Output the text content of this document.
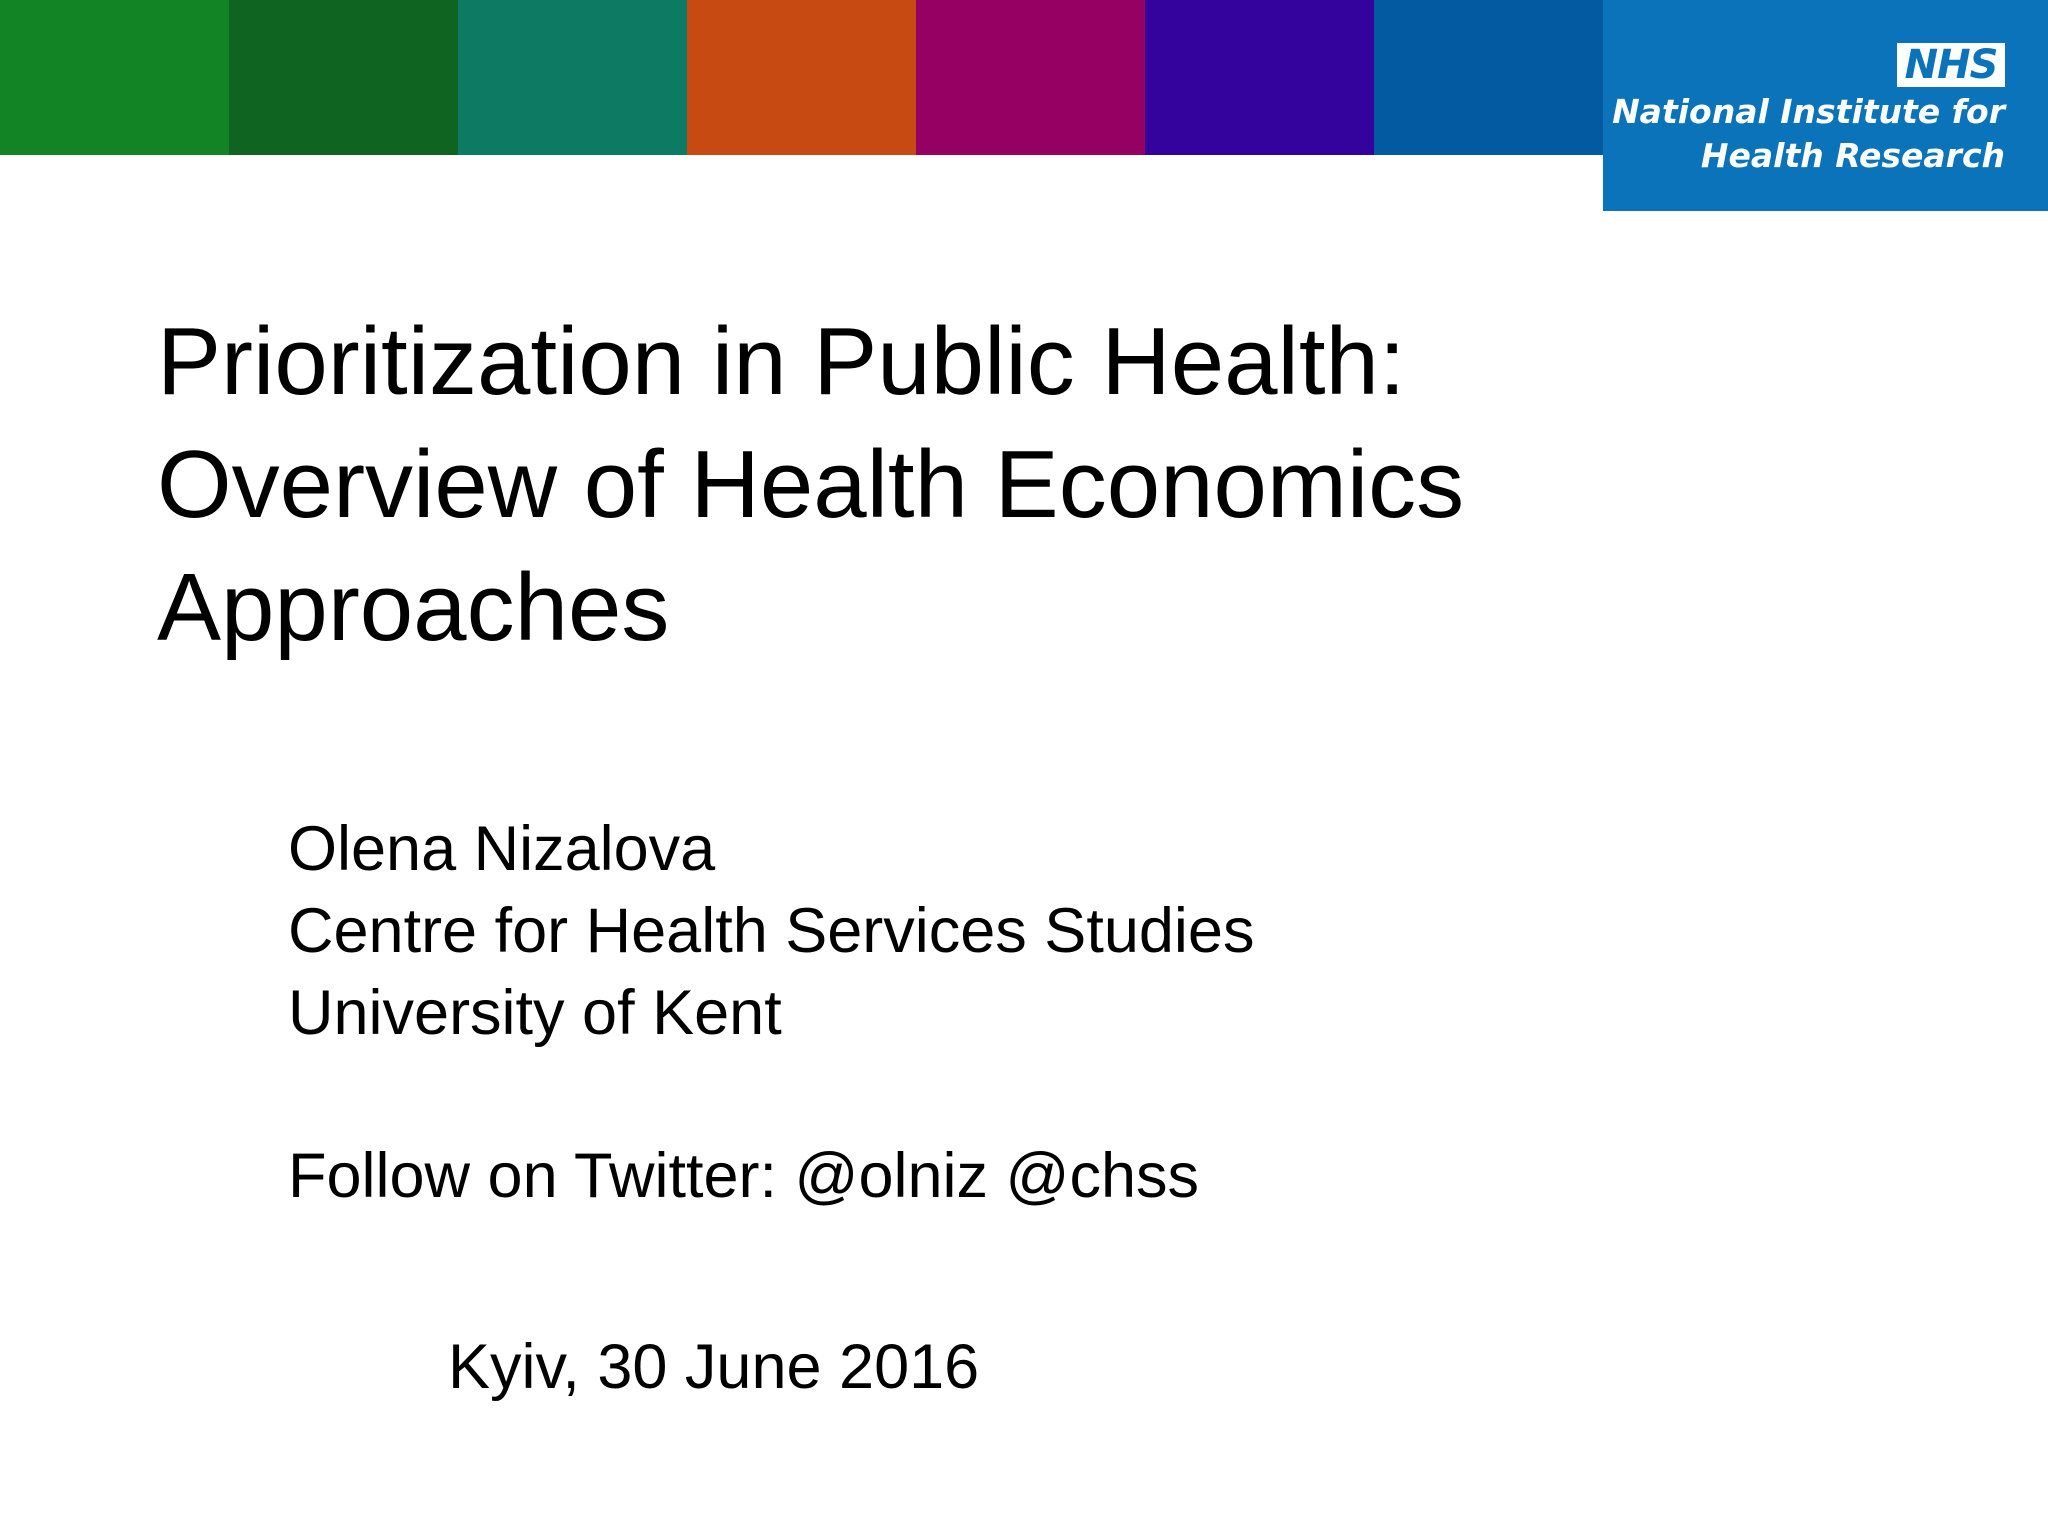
NHS
National Institute for
Health Research
Prioritization in Public Health:
Overview of Health Economics
Approaches
Olena Nizalova
Centre for Health Services Studies
University of Kent
Follow on Twitter: @olniz @chss
Kyiv, 30 June 2016
